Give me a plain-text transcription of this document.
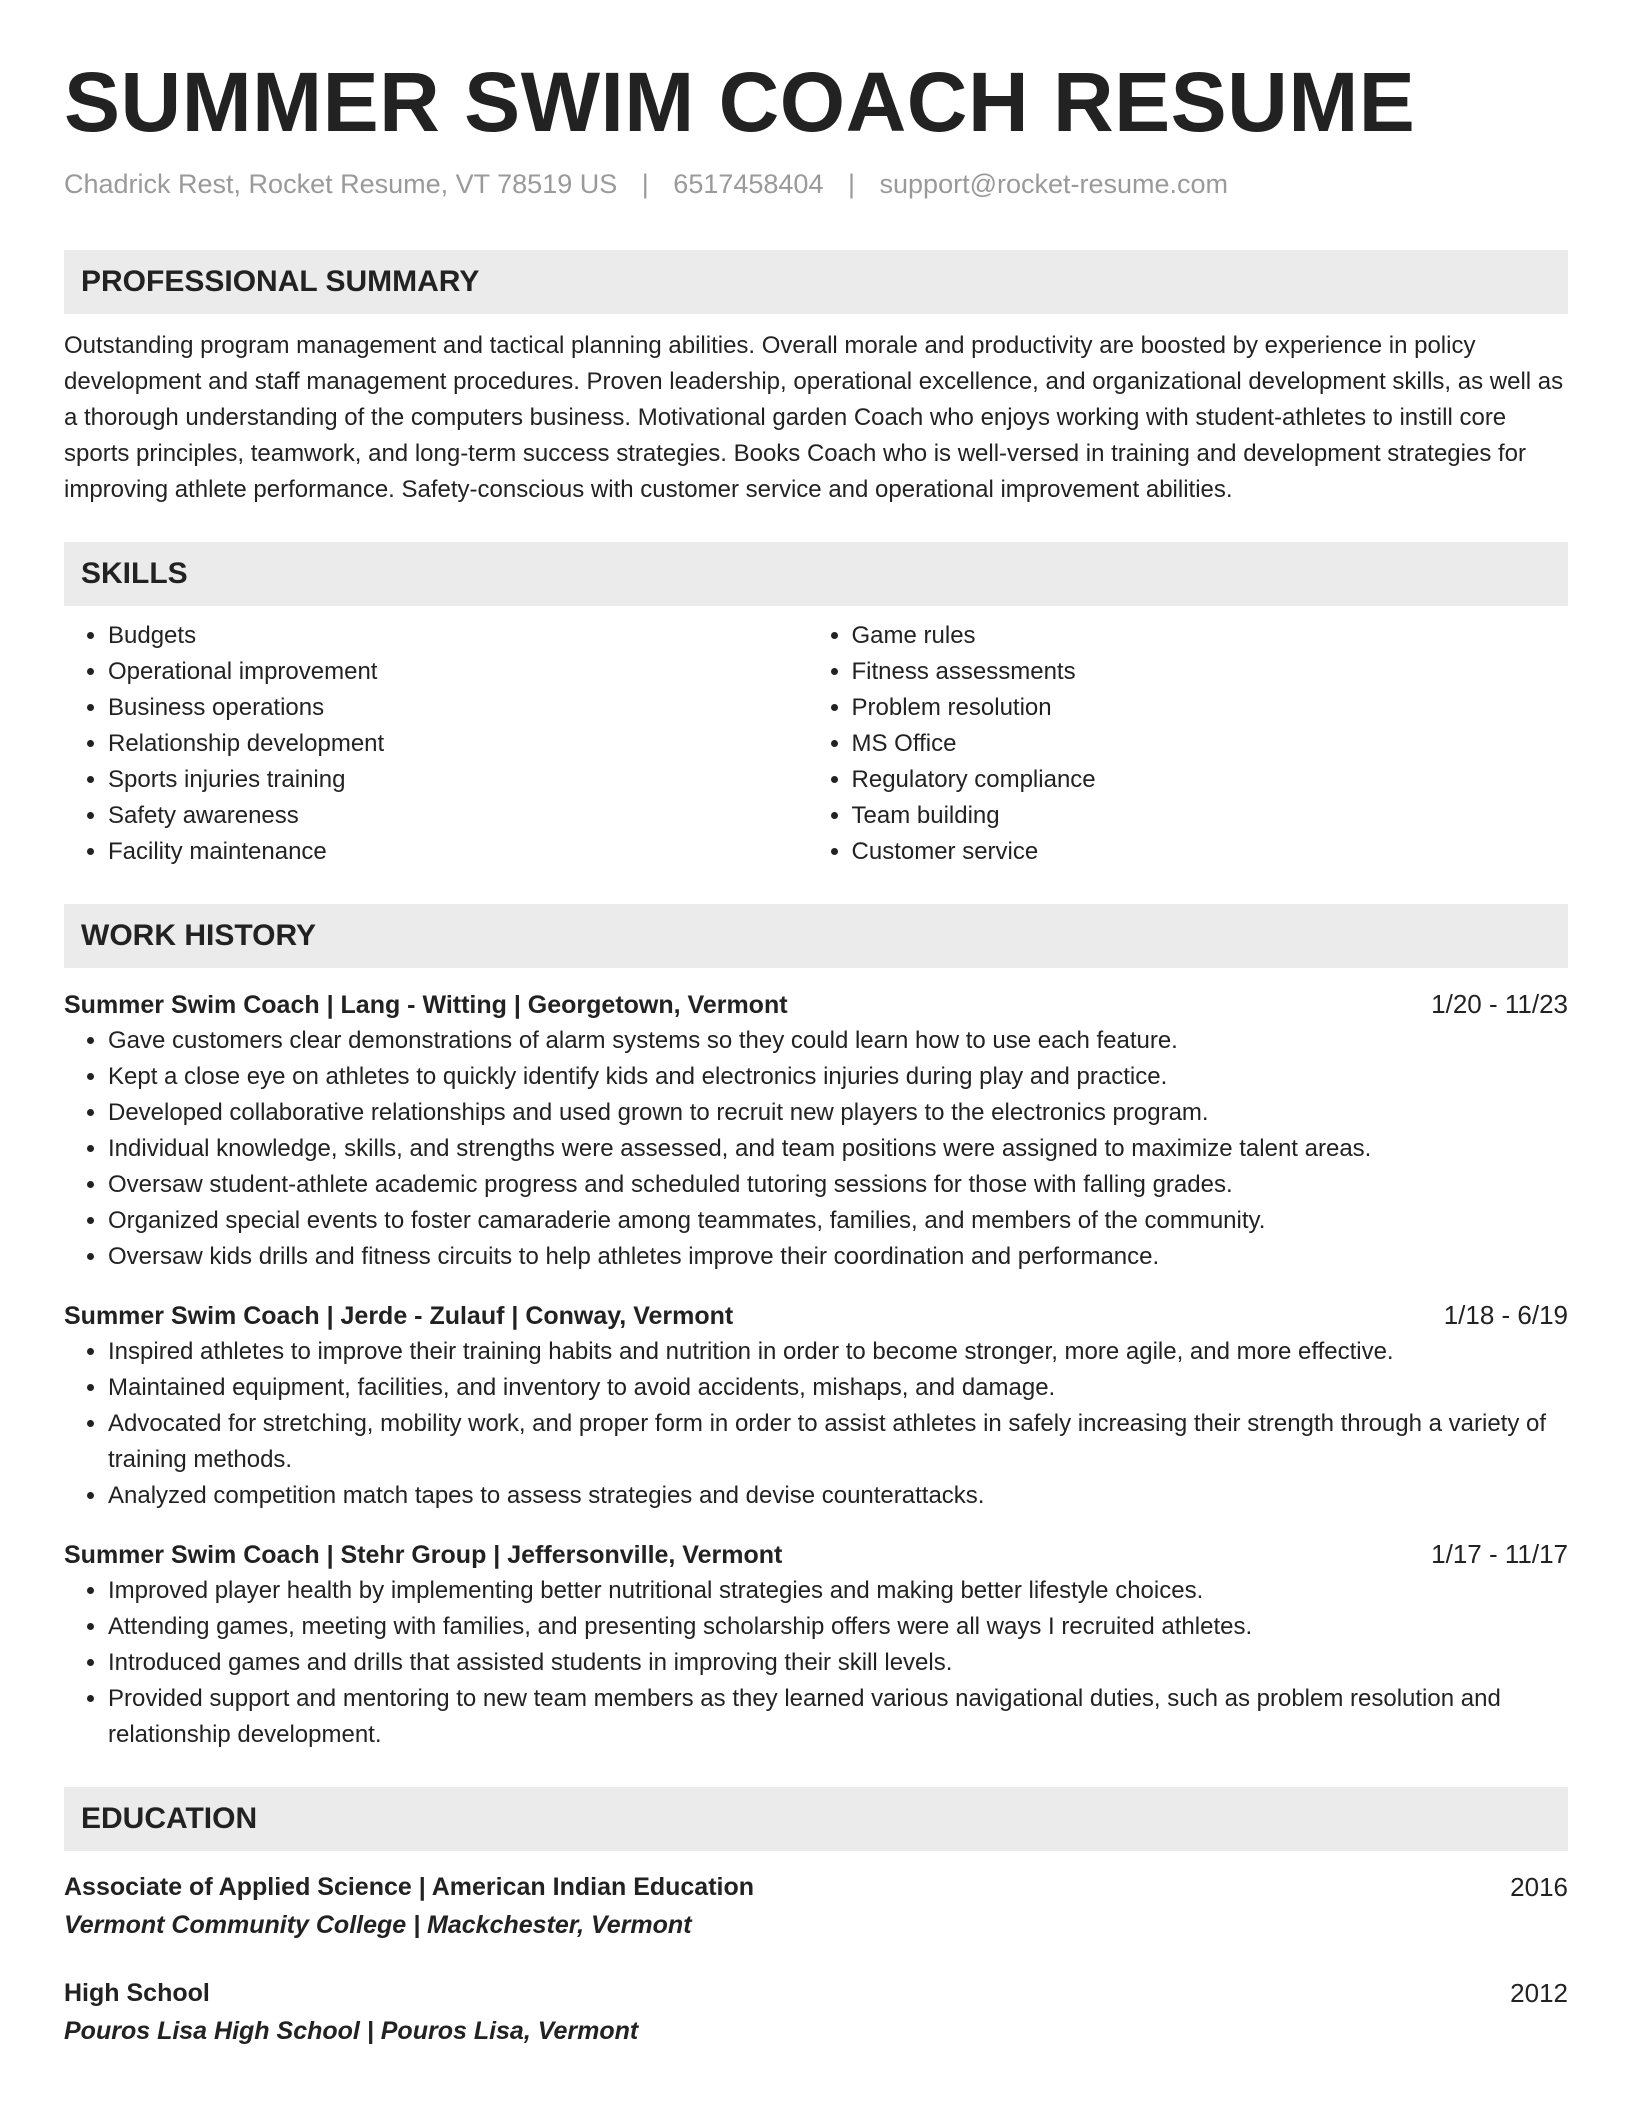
SUMMER SWIM COACH RESUME
Chadrick Rest, Rocket Resume, VT 78519 US | 6517458404 | support@rocket-resume.com
PROFESSIONAL SUMMARY
Outstanding program management and tactical planning abilities. Overall morale and productivity are boosted by experience in policy development and staff management procedures. Proven leadership, operational excellence, and organizational development skills, as well as a thorough understanding of the computers business. Motivational garden Coach who enjoys working with student-athletes to instill core sports principles, teamwork, and long-term success strategies. Books Coach who is well-versed in training and development strategies for improving athlete performance. Safety-conscious with customer service and operational improvement abilities.
SKILLS
• Budgets
• Operational improvement
• Business operations
• Relationship development
• Sports injuries training
• Safety awareness
• Facility maintenance
• Game rules
• Fitness assessments
• Problem resolution
• MS Office
• Regulatory compliance
• Team building
• Customer service
WORK HISTORY
Summer Swim Coach | Lang - Witting | Georgetown, Vermont	1/20 - 11/23
• Gave customers clear demonstrations of alarm systems so they could learn how to use each feature.
• Kept a close eye on athletes to quickly identify kids and electronics injuries during play and practice.
• Developed collaborative relationships and used grown to recruit new players to the electronics program.
• Individual knowledge, skills, and strengths were assessed, and team positions were assigned to maximize talent areas.
• Oversaw student-athlete academic progress and scheduled tutoring sessions for those with falling grades.
• Organized special events to foster camaraderie among teammates, families, and members of the community.
• Oversaw kids drills and fitness circuits to help athletes improve their coordination and performance.
Summer Swim Coach | Jerde - Zulauf | Conway, Vermont	1/18 - 6/19
• Inspired athletes to improve their training habits and nutrition in order to become stronger, more agile, and more effective.
• Maintained equipment, facilities, and inventory to avoid accidents, mishaps, and damage.
• Advocated for stretching, mobility work, and proper form in order to assist athletes in safely increasing their strength through a variety of training methods.
• Analyzed competition match tapes to assess strategies and devise counterattacks.
Summer Swim Coach | Stehr Group | Jeffersonville, Vermont	1/17 - 11/17
• Improved player health by implementing better nutritional strategies and making better lifestyle choices.
• Attending games, meeting with families, and presenting scholarship offers were all ways I recruited athletes.
• Introduced games and drills that assisted students in improving their skill levels.
• Provided support and mentoring to new team members as they learned various navigational duties, such as problem resolution and relationship development.
EDUCATION
Associate of Applied Science | American Indian Education	2016
Vermont Community College | Mackchester, Vermont
High School	2012
Pouros Lisa High School | Pouros Lisa, Vermont
